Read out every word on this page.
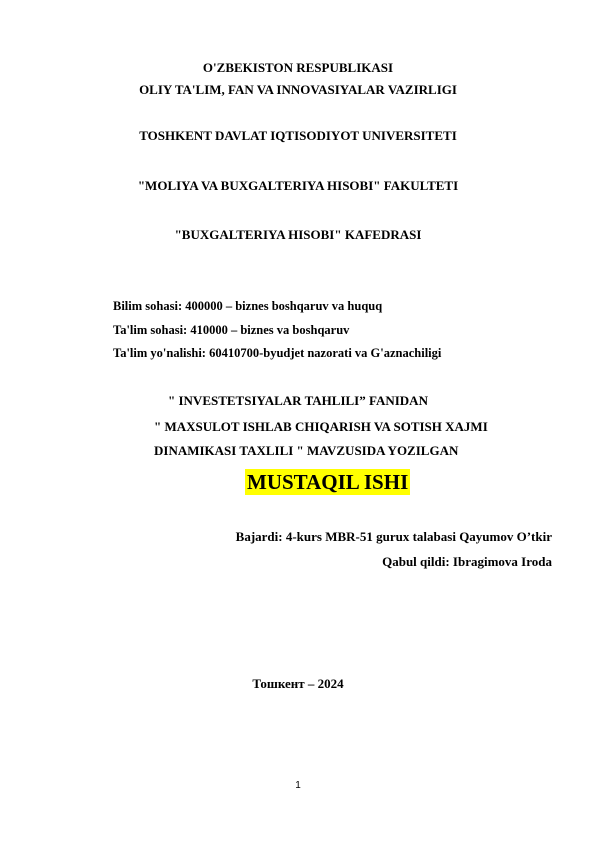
O'ZBEKISTON RESPUBLIKASI
OLIY TA'LIM, FAN VA INNOVASIYALAR VAZIRLIGI
TOSHKENT DAVLAT IQTISODIYOT UNIVERSITETI
"MOLIYA VA BUXGALTERIYA HISOBI" FAKULTETI
"BUXGALTERIYA HISOBI" KAFEDRASI
Bilim sohasi: 400000 – biznes boshqaruv va huquq
Ta'lim sohasi: 410000 – biznes va boshqaruv
Ta'lim yo'nalishi: 60410700-byudjet nazorati va G'aznachiligi
" INVESTETSIYALAR TAHLILI” FANIDAN
" MAXSULOT ISHLAB CHIQARISH VA SOTISH XAJMI
DINAMIKASI TAXLILI " MAVZUSIDA YOZILGAN
MUSTAQIL ISHI
Bajardi: 4-kurs MBR-51 gurux talabasi Qayumov O’tkir
Qabul qildi: Ibragimova Iroda
Тошкент – 2024
1
